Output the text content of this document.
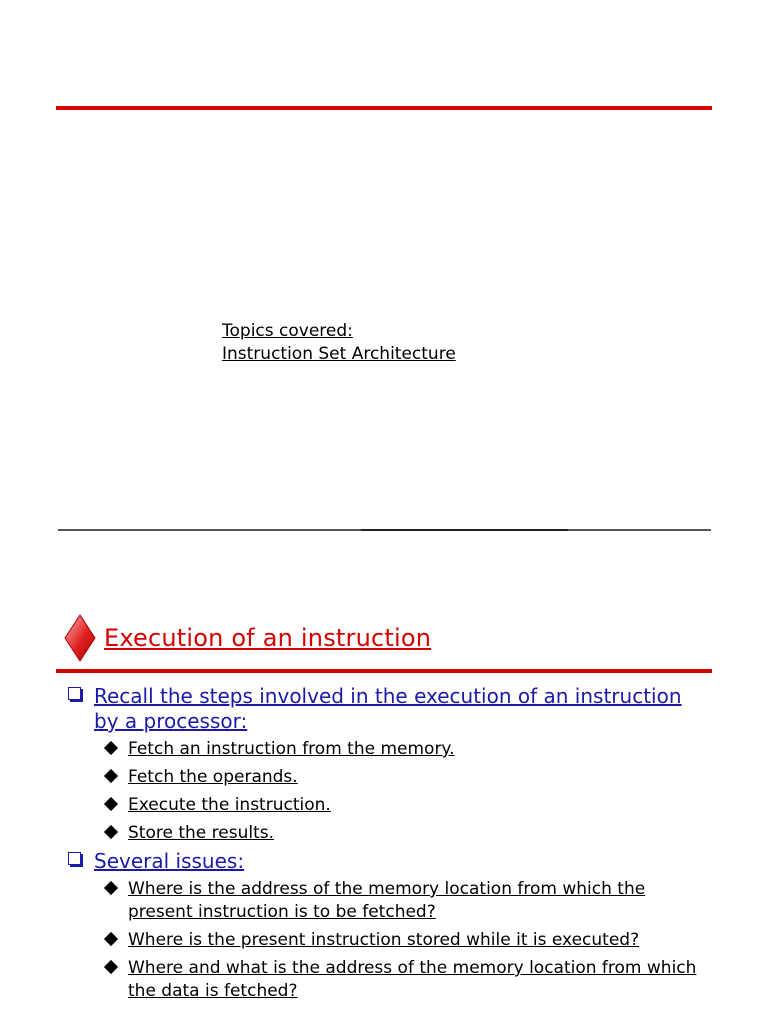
Topics covered:
Instruction Set Architecture
Execution of an instruction
Recall the steps involved in the execution of an instruction by a processor:
Fetch an instruction from the memory.
Fetch the operands.
Execute the instruction.
Store the results.
Several issues:
Where is the address of the memory location from which the present instruction is to be fetched?
Where is the present instruction stored while it is executed?
Where and what is the address of the memory location from which the data is fetched?
